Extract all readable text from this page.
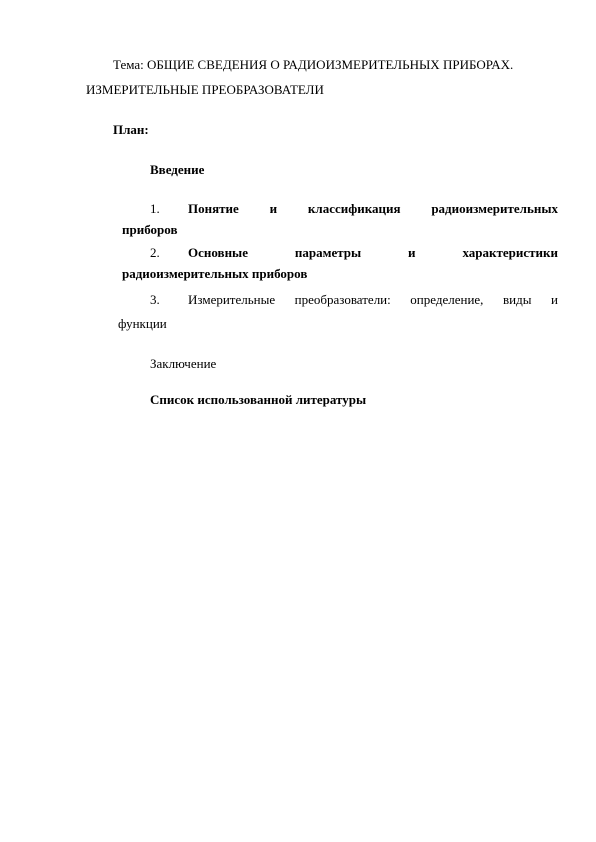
Тема: ОБЩИЕ СВЕДЕНИЯ О РАДИОИЗМЕРИТЕЛЬНЫХ ПРИБОРАХ.
ИЗМЕРИТЕЛЬНЫЕ ПРЕОБРАЗОВАТЕЛИ
План:
Введение
1.	Понятие и классификация радиоизмерительных
приборов
2.	Основные	параметры	и	характеристики
радиоизмерительных приборов
3.	Измерительные преобразователи: определение, виды и
функции
Заключение
Список использованной литературы
